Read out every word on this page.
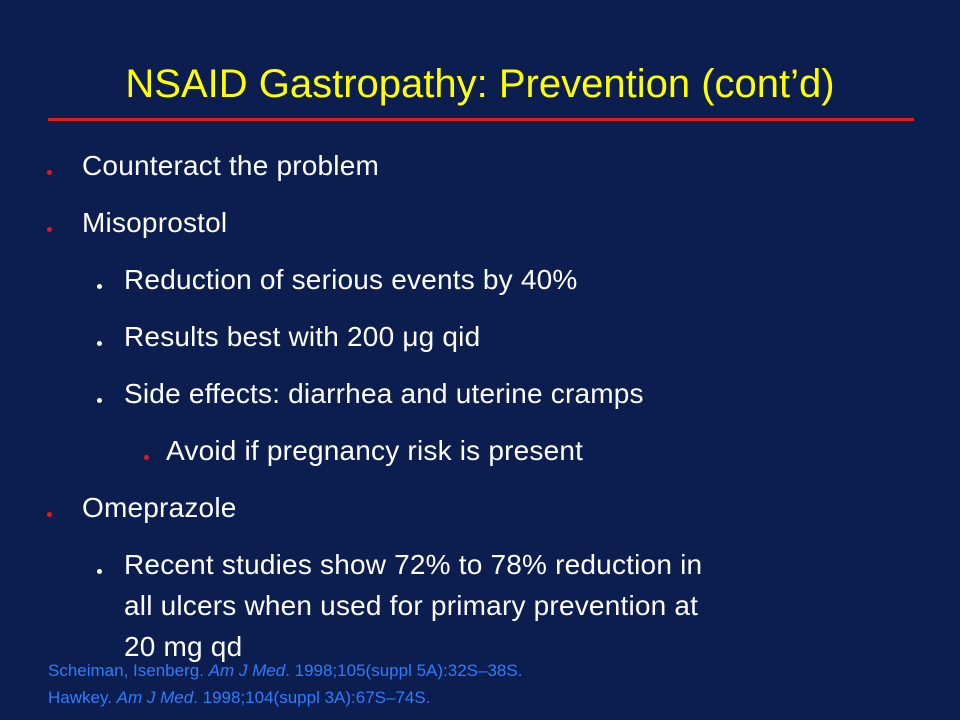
NSAID Gastropathy: Prevention (cont’d)
Counteract the problem
Misoprostol
Reduction of serious events by 40%
Results best with 200 μg qid
Side effects: diarrhea and uterine cramps
Avoid if pregnancy risk is present
Omeprazole
Recent studies show 72% to 78% reduction in
all ulcers when used for primary prevention at
20 mg qd
Scheiman, Isenberg. Am J Med. 1998;105(suppl 5A):32S–38S.
Hawkey. Am J Med. 1998;104(suppl 3A):67S–74S.
